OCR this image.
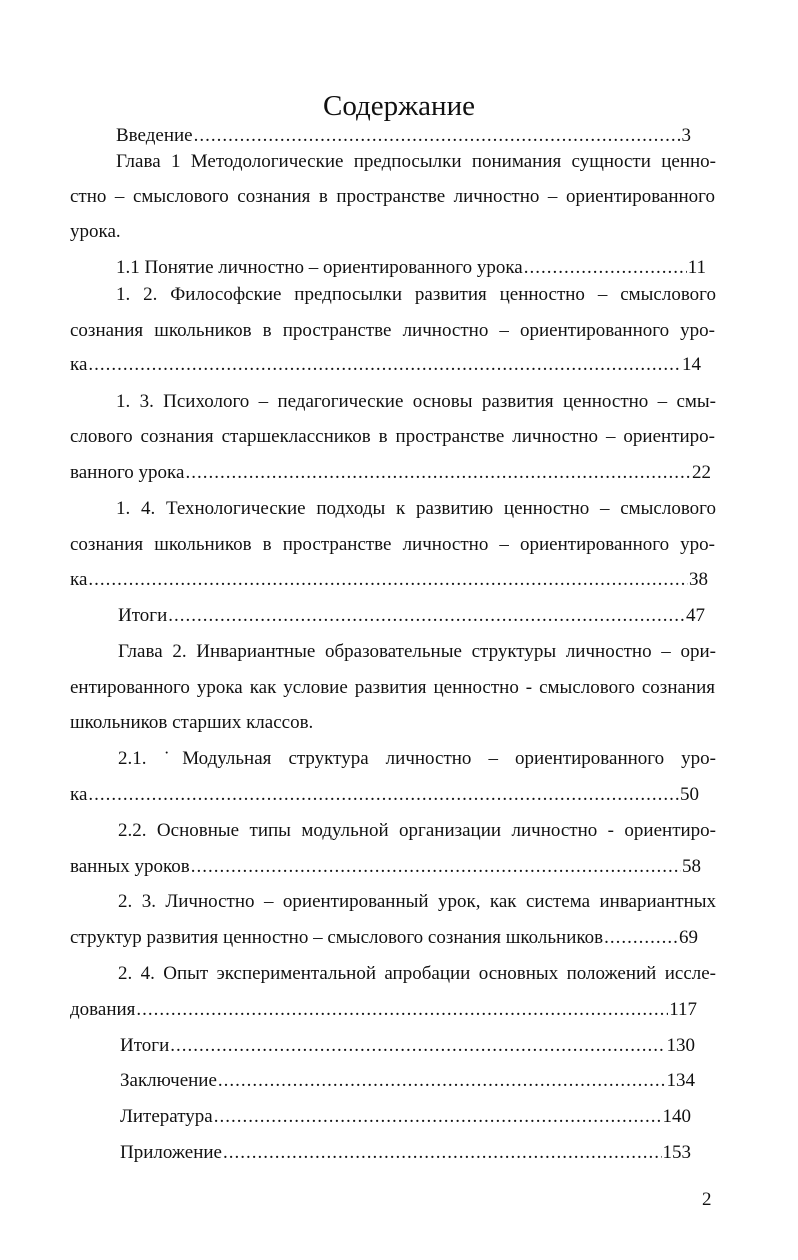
Содержание
Введение .....	3
Глава 1 Методологические предпосылки понимания сущности ценно-
стно – смыслового сознания в пространстве личностно – ориентированного
урока.
1.1 Понятие личностно – ориентированного урока .....	11
1. 2. Философские предпосылки развития ценностно – смыслового
сознания школьников в пространстве личностно – ориентированного уро-
ка .....	14
1. 3. Психолого – педагогические основы развития ценностно – смы-
слового сознания старшеклассников в пространстве личностно – ориентиро-
ванного урока .....	22
1. 4. Технологические подходы к развитию ценностно – смыслового
сознания школьников в пространстве личностно – ориентированного уро-
ка .....	38
Итоги .....	47
Глава 2. Инвариантные образовательные структуры личностно – ори-
ентированного урока как условие развития ценностно - смыслового сознания
школьников старших классов.
2.1. ˙Модульная структура личностно – ориентированного уро-
ка .....	50
2.2. Основные типы модульной организации личностно - ориентиро-
ванных уроков .....	58
2. 3. Личностно – ориентированный урок, как система инвариантных
структур развития ценностно – смыслового сознания школьников .....	69
2. 4. Опыт экспериментальной апробации основных положений иссле-
дования .....	117
Итоги .....	130
Заключение .....	134
Литература .....	140
Приложение .....	153
2
